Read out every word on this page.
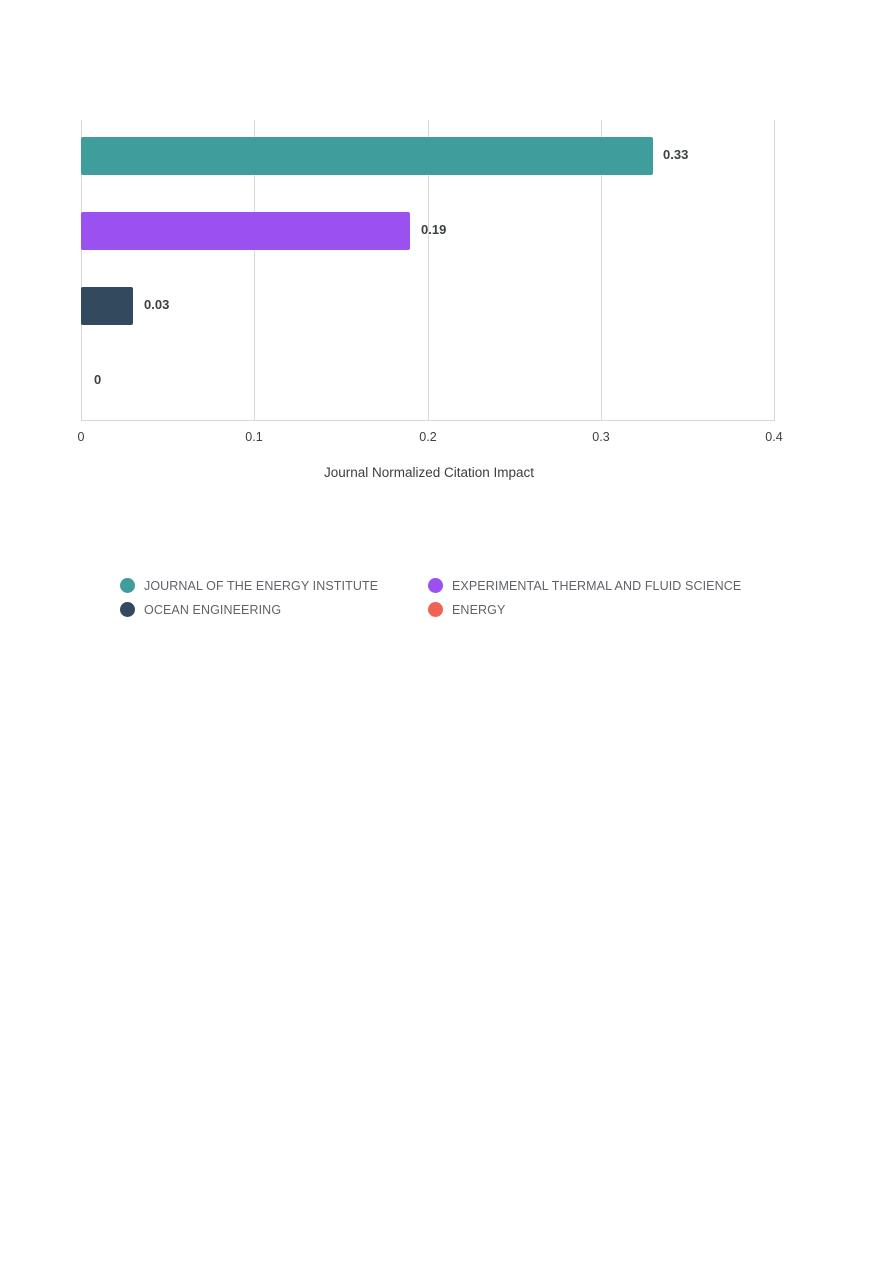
0.33
0.19
0.03
0
0	0.1	0.2	0.3	0.4
Journal Normalized Citation Impact
JOURNAL OF THE ENERGY INSTITUTE	EXPERIMENTAL THERMAL AND FLUID SCIENCE
OCEAN ENGINEERING	ENERGY
